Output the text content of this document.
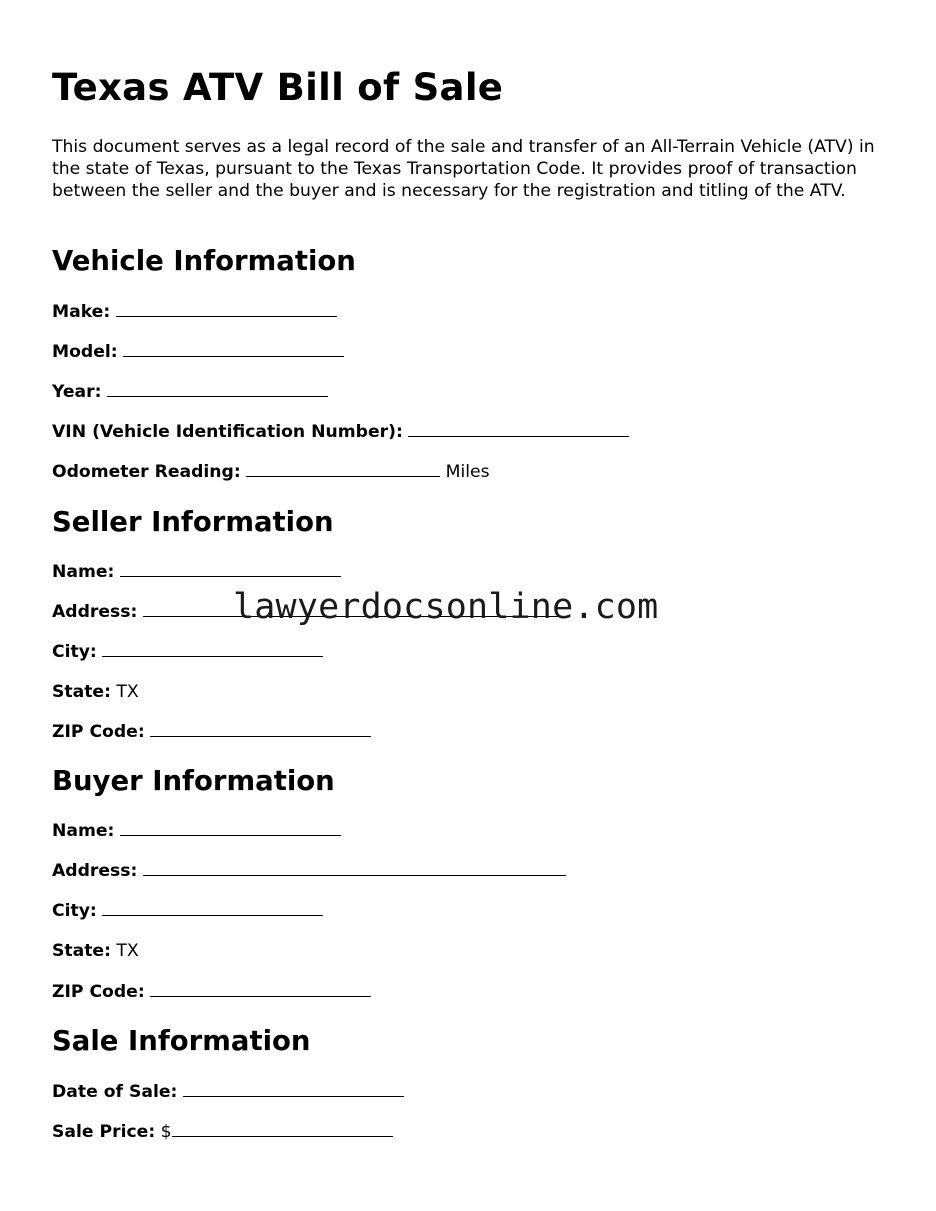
Texas ATV Bill of Sale

This document serves as a legal record of the sale and transfer of an All-Terrain Vehicle (ATV) in the state of Texas, pursuant to the Texas Transportation Code. It provides proof of transaction between the seller and the buyer and is necessary for the registration and titling of the ATV.

Vehicle Information
Make:
Model:
Year:
VIN (Vehicle Identification Number):
Odometer Reading:	Miles
Seller Information
Name:
Address:
City:
State: TX
ZIP Code:
Buyer Information
Name:
Address:
City:
State: TX
ZIP Code:
Sale Information
Date of Sale:
Sale Price: $
lawyerdocsonline.com
